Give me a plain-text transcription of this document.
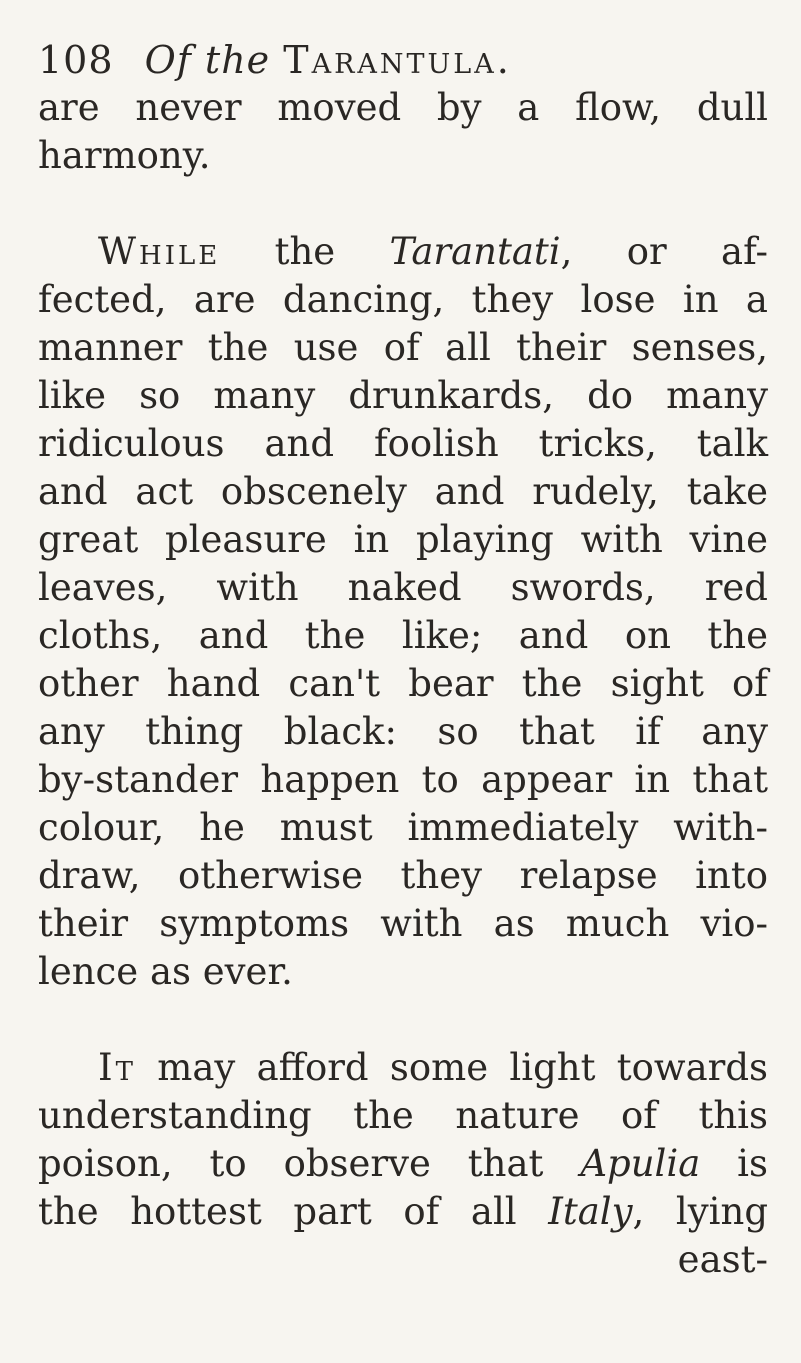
108 Of the Tarantula.
are never moved by a flow, dull
harmony.
While the Tarantati, or af-
fected, are dancing, they lose in a
manner the use of all their senses,
like so many drunkards, do many
ridiculous and foolish tricks, talk
and act obscenely and rudely, take
great pleasure in playing with vine
leaves, with naked swords, red
cloths, and the like; and on the
other hand can't bear the sight of
any thing black: so that if any
by-stander happen to appear in that
colour, he must immediately with-
draw, otherwise they relapse into
their symptoms with as much vio-
lence as ever.
It may afford some light towards
understanding the nature of this
poison, to observe that Apulia is
the hottest part of all Italy, lying
east-
